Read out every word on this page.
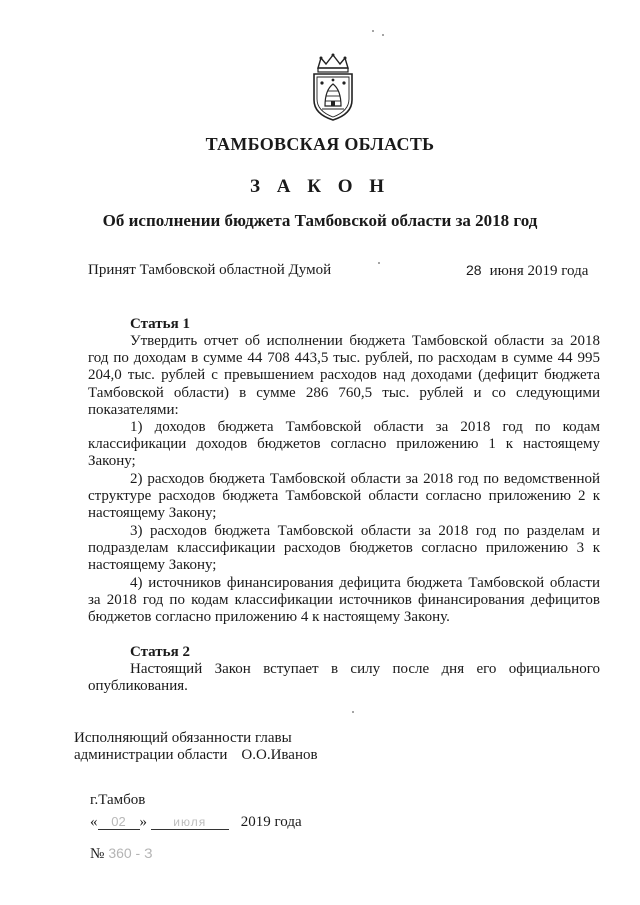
ТАМБОВСКАЯ ОБЛАСТЬ
З А К О Н
Об исполнении бюджета Тамбовской области за 2018 год
Принят Тамбовской областной Думой	28 июня 2019 года
Статья 1
Утвердить отчет об исполнении бюджета Тамбовской области за 2018 год по доходам в сумме 44 708 443,5 тыс. рублей, по расходам в сумме 44 995 204,0 тыс. рублей с превышением расходов над доходами (дефицит бюджета Тамбовской области) в сумме 286 760,5 тыс. рублей и со следующими показателями:
1) доходов бюджета Тамбовской области за 2018 год по кодам классификации доходов бюджетов согласно приложению 1 к настоящему Закону;
2) расходов бюджета Тамбовской области за 2018 год по ведомственной структуре расходов бюджета Тамбовской области согласно приложению 2 к настоящему Закону;
3) расходов бюджета Тамбовской области за 2018 год по разделам и подразделам классификации расходов бюджетов согласно приложению 3 к настоящему Закону;
4) источников финансирования дефицита бюджета Тамбовской области за 2018 год по кодам классификации источников финансирования дефицитов бюджетов согласно приложению 4 к настоящему Закону.
Статья 2
Настоящий Закон вступает в силу после дня его официального опубликования.
Исполняющий обязанности главы
администрации области О.О.Иванов
г.Тамбов
« 02 » июля 2019 года
№ 360 - З
